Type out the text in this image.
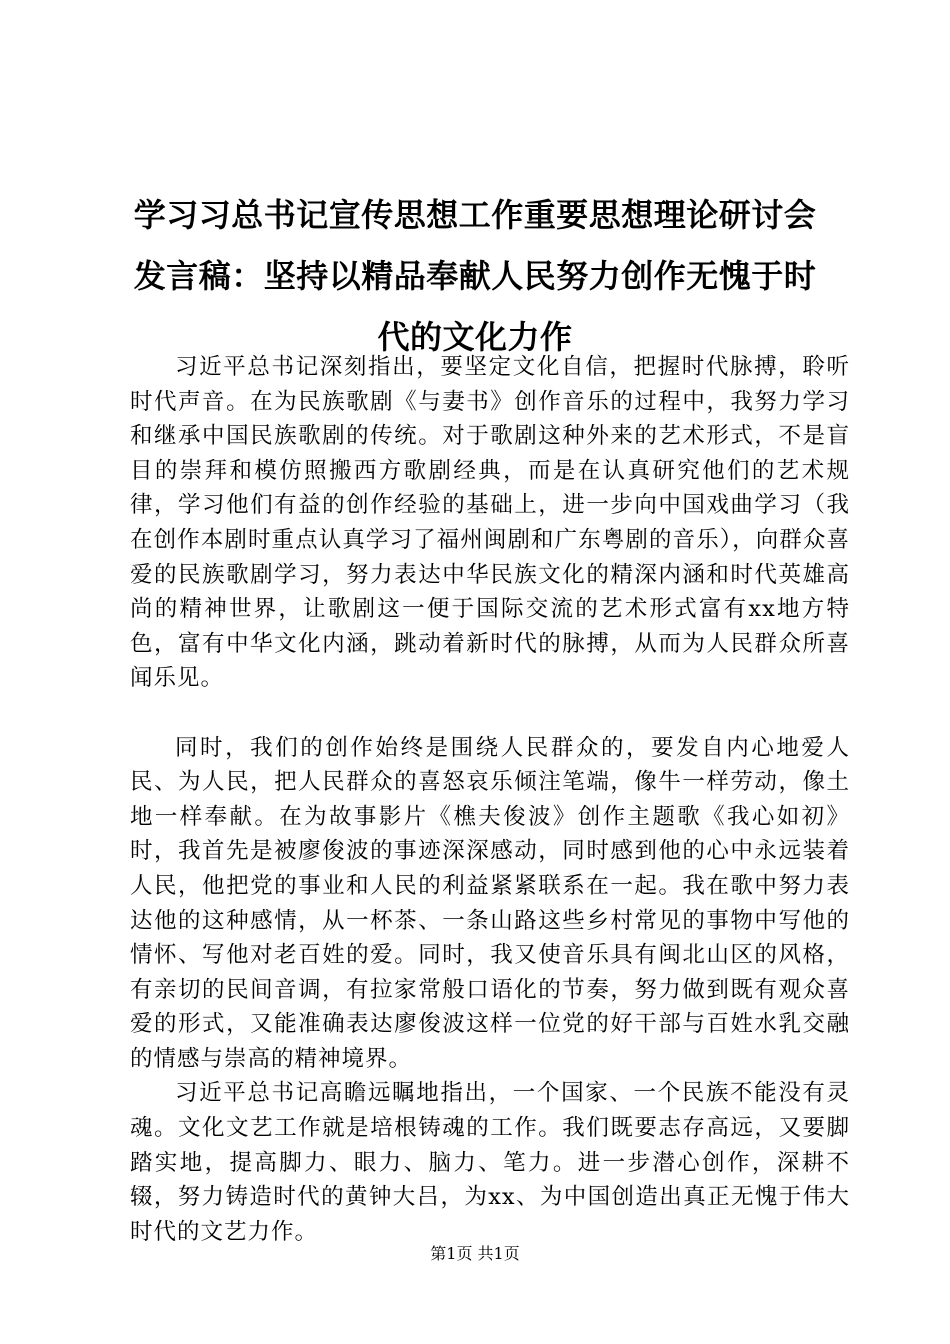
学习习总书记宣传思想工作重要思想理论研讨会发言稿：坚持以精品奉献人民努力创作无愧于时代的文化力作

习近平总书记深刻指出，要坚定文化自信，把握时代脉搏，聆听时代声音。在为民族歌剧《与妻书》创作音乐的过程中，我努力学习和继承中国民族歌剧的传统。对于歌剧这种外来的艺术形式，不是盲目的崇拜和模仿照搬西方歌剧经典，而是在认真研究他们的艺术规律，学习他们有益的创作经验的基础上，进一步向中国戏曲学习（我在创作本剧时重点认真学习了福州闽剧和广东粤剧的音乐），向群众喜爱的民族歌剧学习，努力表达中华民族文化的精深内涵和时代英雄高尚的精神世界，让歌剧这一便于国际交流的艺术形式富有xx地方特色，富有中华文化内涵，跳动着新时代的脉搏，从而为人民群众所喜闻乐见。

同时，我们的创作始终是围绕人民群众的，要发自内心地爱人民、为人民，把人民群众的喜怒哀乐倾注笔端，像牛一样劳动，像土地一样奉献。在为故事影片《樵夫俊波》创作主题歌《我心如初》时，我首先是被廖俊波的事迹深深感动，同时感到他的心中永远装着人民，他把党的事业和人民的利益紧紧联系在一起。我在歌中努力表达他的这种感情，从一杯茶、一条山路这些乡村常见的事物中写他的情怀、写他对老百姓的爱。同时，我又使音乐具有闽北山区的风格，有亲切的民间音调，有拉家常般口语化的节奏，努力做到既有观众喜爱的形式，又能准确表达廖俊波这样一位党的好干部与百姓水乳交融的情感与崇高的精神境界。

习近平总书记高瞻远瞩地指出，一个国家、一个民族不能没有灵魂。文化文艺工作就是培根铸魂的工作。我们既要志存高远，又要脚踏实地，提高脚力、眼力、脑力、笔力。进一步潜心创作，深耕不辍，努力铸造时代的黄钟大吕，为xx、为中国创造出真正无愧于伟大时代的文艺力作。

第1页 共1页
